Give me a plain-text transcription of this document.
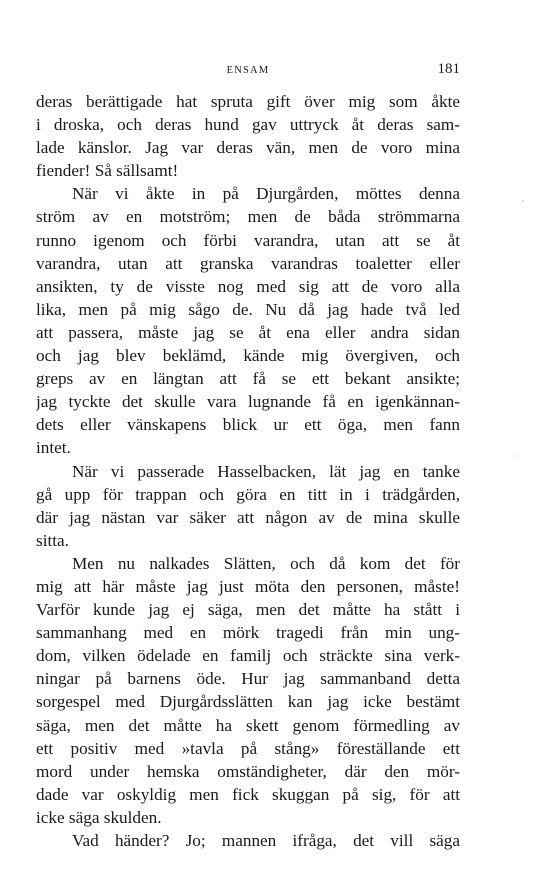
ENSAM	181
deras berättigade hat spruta gift över mig som åkte
i droska, och deras hund gav uttryck åt deras sam-
lade känslor. Jag var deras vän, men de voro mina
fiender! Så sällsamt!
När vi åkte in på Djurgården, möttes denna
ström av en motström; men de båda strömmarna
runno igenom och förbi varandra, utan att se åt
varandra, utan att granska varandras toaletter eller
ansikten, ty de visste nog med sig att de voro alla
lika, men på mig sågo de. Nu då jag hade två led
att passera, måste jag se åt ena eller andra sidan
och jag blev beklämd, kände mig övergiven, och
greps av en längtan att få se ett bekant ansikte;
jag tyckte det skulle vara lugnande få en igenkännan-
dets eller vänskapens blick ur ett öga, men fann
intet.
När vi passerade Hasselbacken, lät jag en tanke
gå upp för trappan och göra en titt in i trädgården,
där jag nästan var säker att någon av de mina skulle
sitta.
Men nu nalkades Slätten, och då kom det för
mig att här måste jag just möta den personen, måste!
Varför kunde jag ej säga, men det måtte ha stått i
sammanhang med en mörk tragedi från min ung-
dom, vilken ödelade en familj och sträckte sina verk-
ningar på barnens öde. Hur jag sammanband detta
sorgespel med Djurgårdsslätten kan jag icke bestämt
säga, men det måtte ha skett genom förmedling av
ett positiv med »tavla på stång» föreställande ett
mord under hemska omständigheter, där den mör-
dade var oskyldig men fick skuggan på sig, för att
icke säga skulden.
Vad händer? Jo; mannen ifråga, det vill säga
